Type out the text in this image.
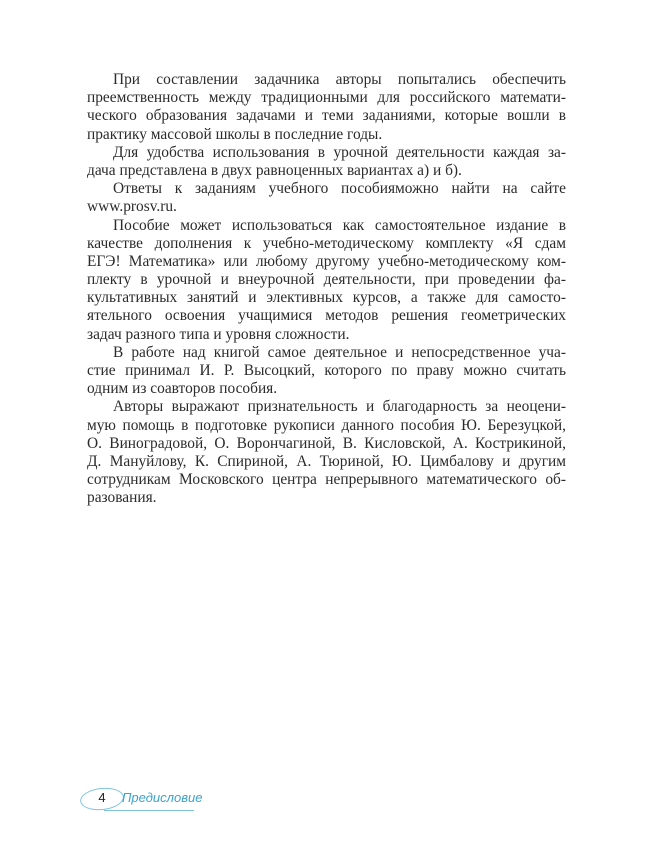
При составлении задачника авторы попытались обеспечить
преемственность между традиционными для российского математи-
ческого образования задачами и теми заданиями, которые вошли в
практику массовой школы в последние годы.
Для удобства использования в урочной деятельности каждая за-
дача представлена в двух равноценных вариантах а) и б).
Ответы к заданиям учебного пособияможно найти на сайте
www.prosv.ru.
Пособие может использоваться как самостоятельное издание в
качестве дополнения к учебно-методическому комплекту «Я сдам
ЕГЭ! Математика» или любому другому учебно-методическому ком-
плекту в урочной и внеурочной деятельности, при проведении фа-
культативных занятий и элективных курсов, а также для самосто-
ятельного освоения учащимися методов решения геометрических
задач разного типа и уровня сложности.
В работе над книгой самое деятельное и непосредственное уча-
стие принимал И. Р. Высоцкий, которого по праву можно считать
одним из соавторов пособия.
Авторы выражают признательность и благодарность за неоцени-
мую помощь в подготовке рукописи данного пособия Ю. Березуцкой,
О. Виноградовой, О. Ворончагиной, В. Кисловской, А. Кострикиной,
Д. Мануйлову, К. Спириной, А. Тюриной, Ю. Цимбалову и другим
сотрудникам Московского центра непрерывного математического об-
разования.
4	Предисловие
